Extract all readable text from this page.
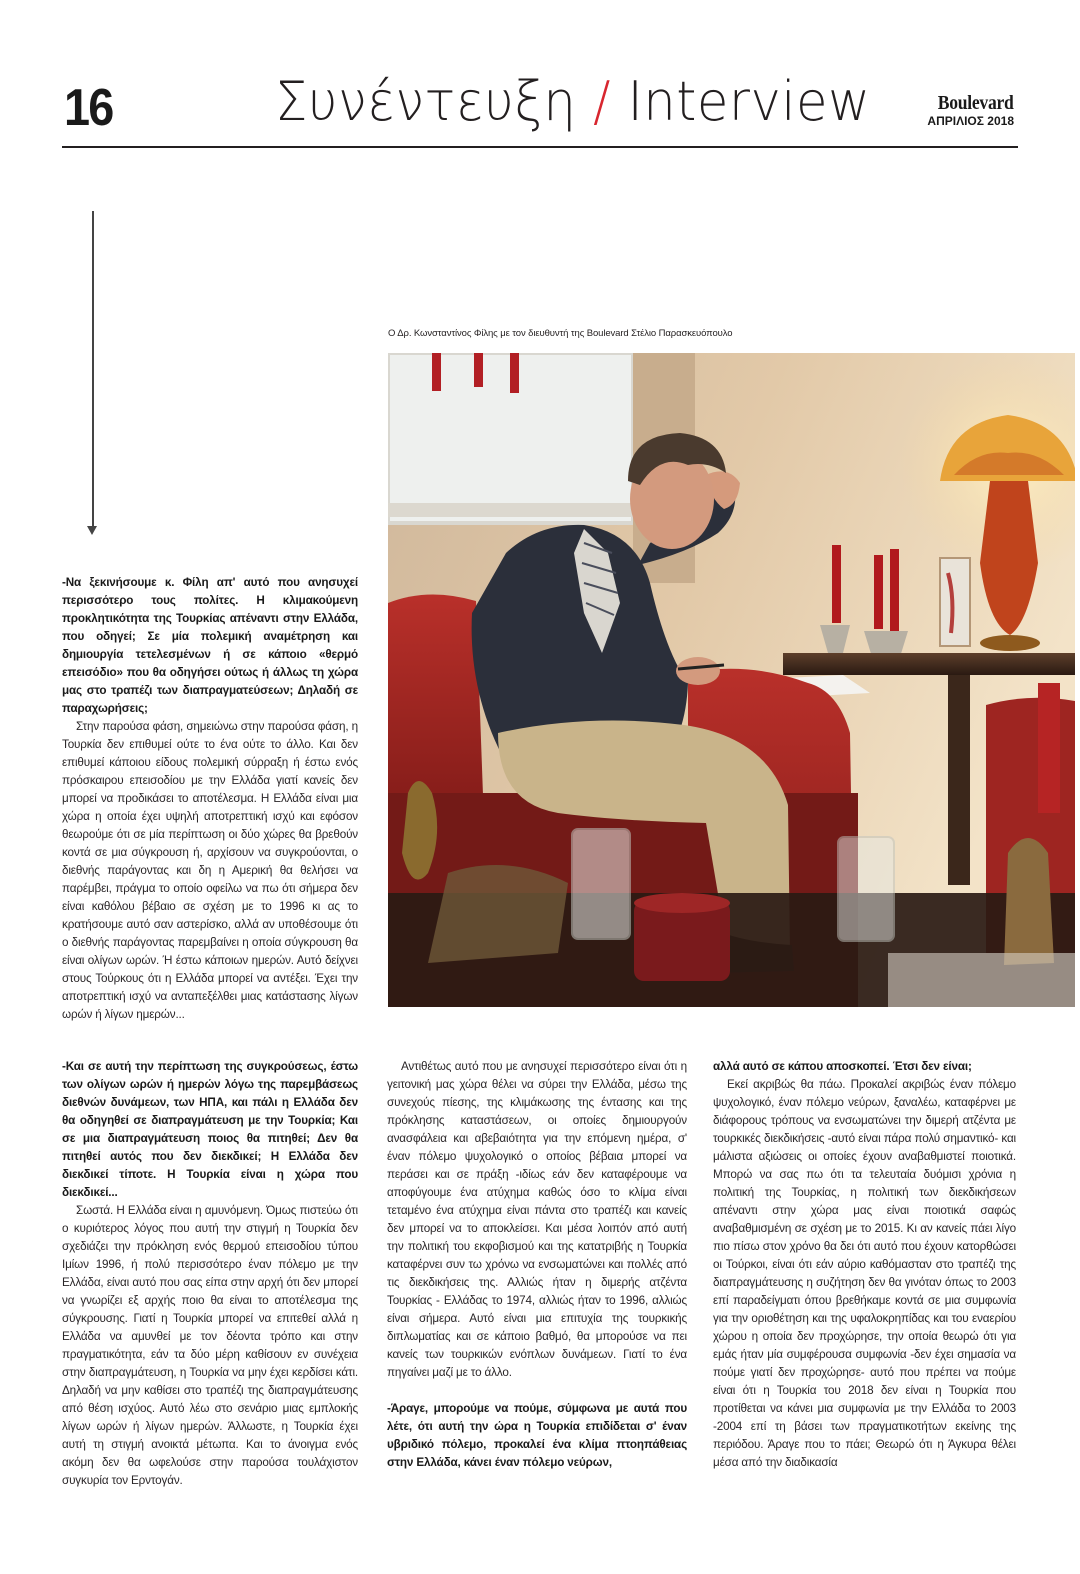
16	Συνέντευξη / Interview	Boulevard
ΑΠΡΙΛΙΟΣ 2018
Ο Δρ. Κωνσταντίνος Φίλης με τον διευθυντή της Boulevard Στέλιο Παρασκευόπουλο

-Να ξεκινήσουμε κ. Φίλη απ' αυτό που ανησυχεί περισσότερο τους πολίτες. Η κλιμακούμενη προκλητικότητα της Τουρκίας απέναντι στην Ελλάδα, που οδηγεί; Σε μία πολεμική αναμέτρηση και δημιουργία τετελεσμένων ή σε κάποιο «θερμό επεισόδιο» που θα οδηγήσει ούτως ή άλλως τη χώρα μας στο τραπέζι των διαπραγματεύσεων; Δηλαδή σε παραχωρήσεις;

Στην παρούσα φάση, σημειώνω στην παρούσα φάση, η Τουρκία δεν επιθυμεί ούτε το ένα ούτε το άλλο. Και δεν επιθυμεί κάποιου είδους πολεμική σύρραξη ή έστω ενός πρόσκαιρου επεισοδίου με την Ελλάδα γιατί κανείς δεν μπορεί να προδικάσει το αποτέλεσμα. Η Ελλάδα είναι μια χώρα η οποία έχει υψηλή αποτρεπτική ισχύ και εφόσον θεωρούμε ότι σε μία περίπτωση οι δύο χώρες θα βρεθούν κοντά σε μια σύγκρουση ή, αρχίσουν να συγκρούονται, ο διεθνής παράγοντας και δη η Αμερική θα θελήσει να παρέμβει, πράγμα το οποίο οφείλω να πω ότι σήμερα δεν είναι καθόλου βέβαιο σε σχέση με το 1996 κι ας το κρατήσουμε αυτό σαν αστερίσκο, αλλά αν υποθέσουμε ότι ο διεθνής παράγοντας παρεμβαίνει η οποία σύγκρουση θα είναι ολίγων ωρών. Ή έστω κάποιων ημερών. Αυτό δείχνει στους Τούρκους ότι η Ελλάδα μπορεί να αντέξει. Έχει την αποτρεπτική ισχύ να ανταπεξέλθει μιας κατάστασης λίγων ωρών ή λίγων ημερών...

-Και σε αυτή την περίπτωση της συγκρούσεως, έστω των ολίγων ωρών ή ημερών λόγω της παρεμβάσεως διεθνών δυνάμεων, των ΗΠΑ, και πάλι η Ελλάδα δεν θα οδηγηθεί σε διαπραγμάτευση με την Τουρκία; Και σε μια διαπραγμάτευση ποιος θα πιτηθεί; Δεν θα πιτηθεί αυτός που δεν διεκδικεί; Η Ελλάδα δεν διεκδικεί τίποτε. Η Τουρκία είναι η χώρα που διεκδικεί...

Σωστά. Η Ελλάδα είναι η αμυνόμενη. Όμως πιστεύω ότι ο κυριότερος λόγος που αυτή την στιγμή η Τουρκία δεν σχεδιάζει την πρόκληση ενός θερμού επεισοδίου τύπου Ιμίων 1996, ή πολύ περισσότερο έναν πόλεμο με την Ελλάδα, είναι αυτό που σας είπα στην αρχή ότι δεν μπορεί να γνωρίζει εξ αρχής ποιο θα είναι το αποτέλεσμα της σύγκρουσης. Γιατί η Τουρκία μπορεί να επιτεθεί αλλά η Ελλάδα να αμυνθεί με τον δέοντα τρόπο και στην πραγματικότητα, εάν τα δύο μέρη καθίσουν εν συνέχεια στην διαπραγμάτευση, η Τουρκία να μην έχει κερδίσει κάτι. Δηλαδή να μην καθίσει στο τραπέζι της διαπραγμάτευσης από θέση ισχύος. Αυτό λέω στο σενάριο μιας εμπλοκής λίγων ωρών ή λίγων ημερών. Άλλωστε, η Τουρκία έχει αυτή τη στιγμή ανοικτά μέτωπα. Και το άνοιγμα ενός ακόμη δεν θα ωφελούσε στην παρούσα τουλάχιστον συγκυρία τον Ερντογάν.

Αντιθέτως αυτό που με ανησυχεί περισσότερο είναι ότι η γειτονική μας χώρα θέλει να σύρει την Ελλάδα, μέσω της συνεχούς πίεσης, της κλιμάκωσης της έντασης και της πρόκλησης καταστάσεων, οι οποίες δημιουργούν ανασφάλεια και αβεβαιότητα για την επόμενη ημέρα, σ' έναν πόλεμο ψυχολογικό ο οποίος βέβαια μπορεί να περάσει και σε πράξη -ιδίως εάν δεν καταφέρουμε να αποφύγουμε ένα ατύχημα καθώς όσο το κλίμα είναι τεταμένο ένα ατύχημα είναι πάντα στο τραπέζι και κανείς δεν μπορεί να το αποκλείσει. Και μέσα λοιπόν από αυτή την πολιτική του εκφοβισμού και της κατατριβής η Τουρκία καταφέρνει συν τω χρόνω να ενσωματώνει και πολλές από τις διεκδικήσεις της. Αλλιώς ήταν η διμερής ατζέντα Τουρκίας - Ελλάδας το 1974, αλλιώς ήταν το 1996, αλλιώς είναι σήμερα. Αυτό είναι μια επιτυχία της τουρκικής διπλωματίας και σε κάποιο βαθμό, θα μπορούσε να πει κανείς των τουρκικών ενόπλων δυνάμεων. Γιατί το ένα πηγαίνει μαζί με το άλλο.

-Άραγε, μπορούμε να πούμε, σύμφωνα με αυτά που λέτε, ότι αυτή την ώρα η Τουρκία επιδίδεται σ' έναν υβριδικό πόλεμο, προκαλεί ένα κλίμα πτοηπάθειας στην Ελλάδα, κάνει έναν πόλεμο νεύρων,

αλλά αυτό σε κάπου αποσκοπεί. Έτσι δεν είναι;

Εκεί ακριβώς θα πάω. Προκαλεί ακριβώς έναν πόλεμο ψυχολογικό, έναν πόλεμο νεύρων, ξαναλέω, καταφέρνει με διάφορους τρόπους να ενσωματώνει την διμερή ατζέντα με τουρκικές διεκδικήσεις -αυτό είναι πάρα πολύ σημαντικό- και μάλιστα αξιώσεις οι οποίες έχουν αναβαθμιστεί ποιοτικά. Μπορώ να σας πω ότι τα τελευταία δυόμισι χρόνια η πολιτική της Τουρκίας, η πολιτική των διεκδικήσεων απέναντι στην χώρα μας είναι ποιοτικά σαφώς αναβαθμισμένη σε σχέση με το 2015. Κι αν κανείς πάει λίγο πιο πίσω στον χρόνο θα δει ότι αυτό που έχουν κατορθώσει οι Τούρκοι, είναι ότι εάν αύριο καθόμασταν στο τραπέζι της διαπραγμάτευσης η συζήτηση δεν θα γινόταν όπως το 2003 επί παραδείγματι όπου βρεθήκαμε κοντά σε μια συμφωνία για την οριοθέτηση και της υφαλοκρηπίδας και του εναερίου χώρου η οποία δεν προχώρησε, την οποία θεωρώ ότι για εμάς ήταν μία συμφέρουσα συμφωνία -δεν έχει σημασία να πούμε γιατί δεν προχώρησε- αυτό που πρέπει να πούμε είναι ότι η Τουρκία του 2018 δεν είναι η Τουρκία που προτίθεται να κάνει μια συμφωνία με την Ελλάδα το 2003 -2004 επί τη βάσει των πραγματικοτήτων εκείνης της περιόδου. Άραγε που το πάει; Θεωρώ ότι η Άγκυρα θέλει μέσα από την διαδικασία
